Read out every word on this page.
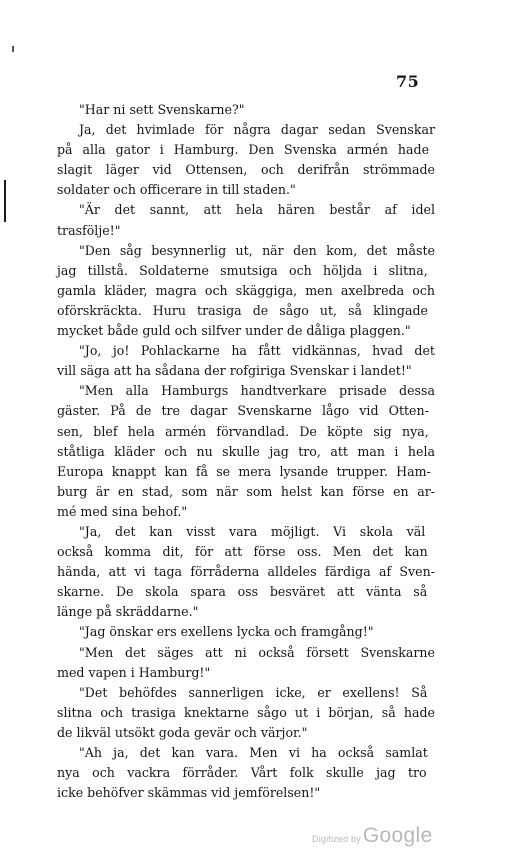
75
"Har ni sett Svenskarne?"
Ja, det hvimlade för några dagar sedan Svenskar
på alla gator i Hamburg. Den Svenska armén hade
slagit läger vid Ottensen, och derifrån strömmade
soldater och officerare in till staden."
"Är det sannt, att hela hären består af idel
trasfölje!"
"Den såg besynnerlig ut, när den kom, det måste
jag tillstå. Soldaterne smutsiga och höljda i slitna,
gamla kläder, magra och skäggiga, men axelbreda och
oförskräckta. Huru trasiga de sågo ut, så klingade
mycket både guld och silfver under de dåliga plaggen."
"Jo, jo! Pohlackarne ha fått vidkännas, hvad det
vill säga att ha sådana der rofgiriga Svenskar i landet!"
"Men alla Hamburgs handtverkare prisade dessa
gäster. På de tre dagar Svenskarne lågo vid Otten-
sen, blef hela armén förvandlad. De köpte sig nya,
ståtliga kläder och nu skulle jag tro, att man i hela
Europa knappt kan få se mera lysande trupper. Ham-
burg är en stad, som när som helst kan förse en ar-
mé med sina behof."
"Ja, det kan visst vara möjligt. Vi skola väl
också komma dit, för att förse oss. Men det kan
hända, att vi taga förråderna alldeles färdiga af Sven-
skarne. De skola spara oss besväret att vänta så
länge på skräddarne."
"Jag önskar ers exellens lycka och framgång!"
"Men det säges att ni också försett Svenskarne
med vapen i Hamburg!"
"Det behöfdes sannerligen icke, er exellens! Så
slitna och trasiga knektarne sågo ut i början, så hade
de likväl utsökt goda gevär och värjor."
"Ah ja, det kan vara. Men vi ha också samlat
nya och vackra förråder. Vårt folk skulle jag tro
icke behöfver skämmas vid jemförelsen!"
Digitized byGoogle
